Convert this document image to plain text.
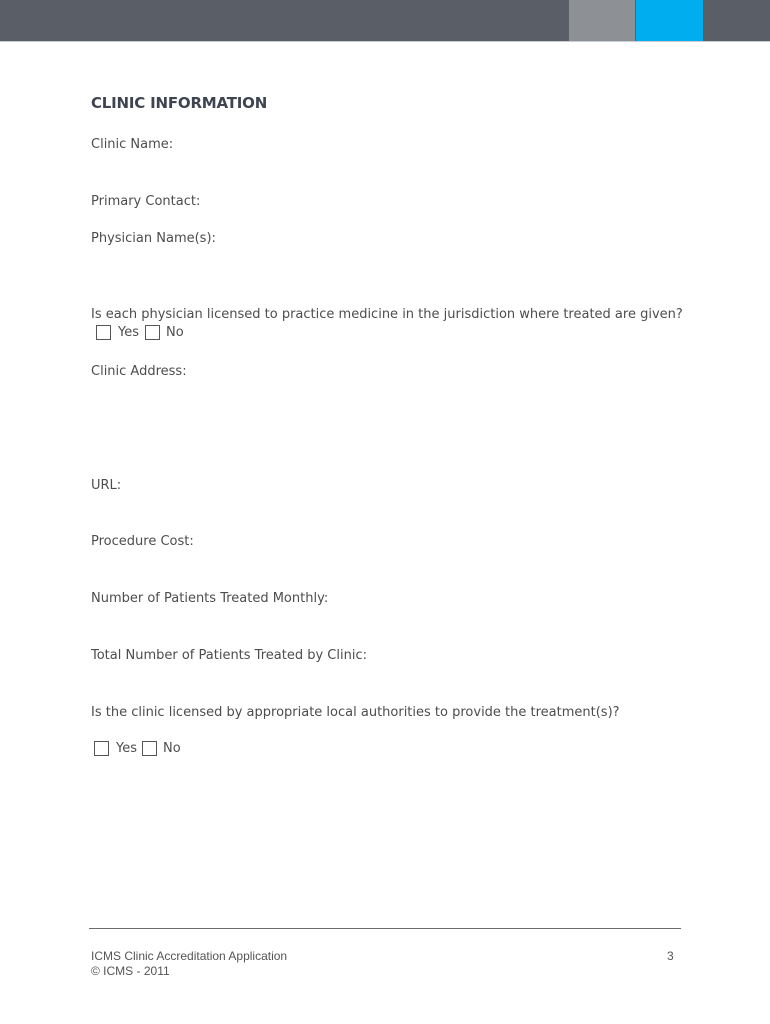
CLINIC INFORMATION
Clinic Name:
Primary Contact:
Physician Name(s):
Is each physician licensed to practice medicine in the jurisdiction where treated are given?
Yes No
Clinic Address:
URL:
Procedure Cost:
Number of Patients Treated Monthly:
Total Number of Patients Treated by Clinic:
Is the clinic licensed by appropriate local authorities to provide the treatment(s)?
Yes No
ICMS Clinic Accreditation Application
© ICMS - 2011
3
